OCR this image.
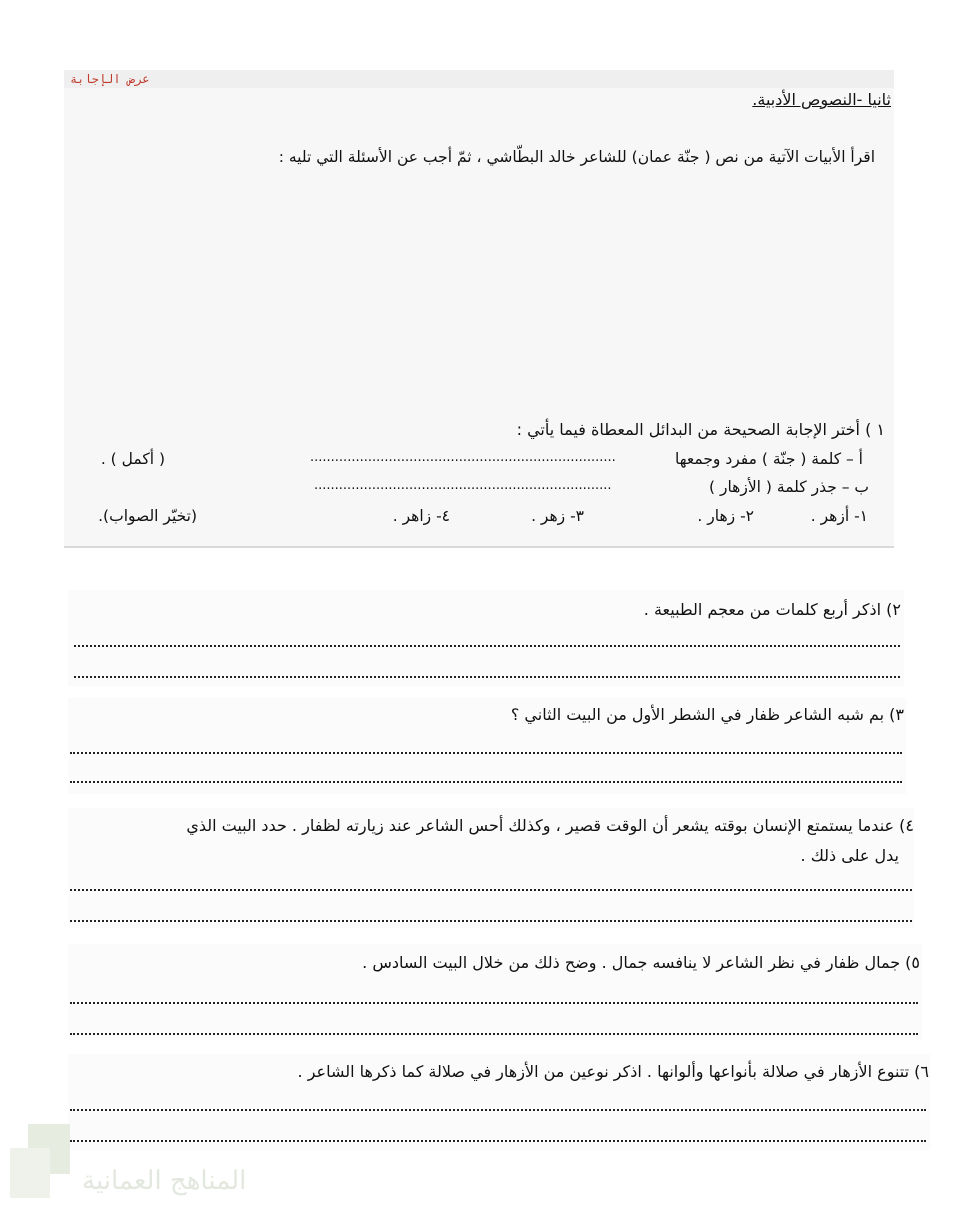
عرض الإجابة
ثانيا -النصوص الأدبية.
اقرأ الأبيات الآتية من نص ( جنّة عمان) للشاعر خالد البطّاشي ، ثمّ أجب عن الأسئلة التي تليه :
١ ) أختر الإجابة الصحيحة من البدائل المعطاة فيما يأتي :
أ – كلمة ( جنّة ) مفرد وجمعها
..........................................................................
( أكمل ) .
ب – جذر كلمة ( الأزهار )
........................................................................
١- أزهر .
٢- زهار .
٣- زهر .
٤- زاهر .
(تخيّر الصواب).
٢) اذكر أربع كلمات من معجم الطبيعة .
٣) بم شبه الشاعر ظفار في الشطر الأول من البيت الثاني ؟
٤) عندما يستمتع الإنسان بوقته يشعر أن الوقت قصير ، وكذلك أحس الشاعر عند زيارته لظفار . حدد البيت الذي
يدل على ذلك .
٥) جمال ظفار في نظر الشاعر لا ينافسه جمال . وضح ذلك من خلال البيت السادس .
٦) تتنوع الأزهار في صلالة بأنواعها وألوانها . اذكر نوعين من الأزهار في صلالة كما ذكرها الشاعر .
المناهج العمانية
